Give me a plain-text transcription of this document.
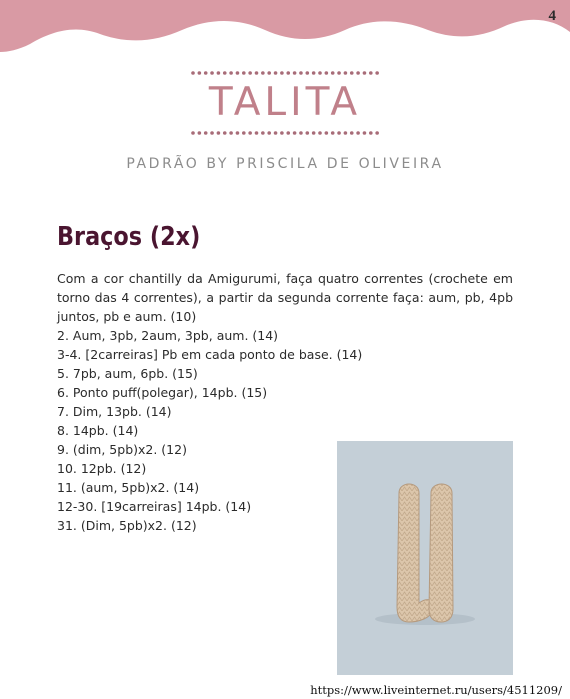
4
TALITA
PADRÃO BY PRISCILA DE OLIVEIRA
Braços (2x)
Com a cor chantilly da Amigurumi, faça quatro correntes (crochete em torno das 4 correntes), a partir da segunda corrente faça: aum, pb, 4pb juntos, pb e aum. (10)
2. Aum, 3pb, 2aum, 3pb, aum. (14)
3-4. [2carreiras] Pb em cada ponto de base. (14)
5. 7pb, aum, 6pb. (15)
6. Ponto puff(polegar), 14pb. (15)
7. Dim, 13pb. (14)
8. 14pb. (14)
9. (dim, 5pb)x2. (12)
10. 12pb. (12)
11. (aum, 5pb)x2. (14)
12-30. [19carreiras] 14pb. (14)
31. (Dim, 5pb)x2. (12)
https://www.liveinternet.ru/users/4511209/
